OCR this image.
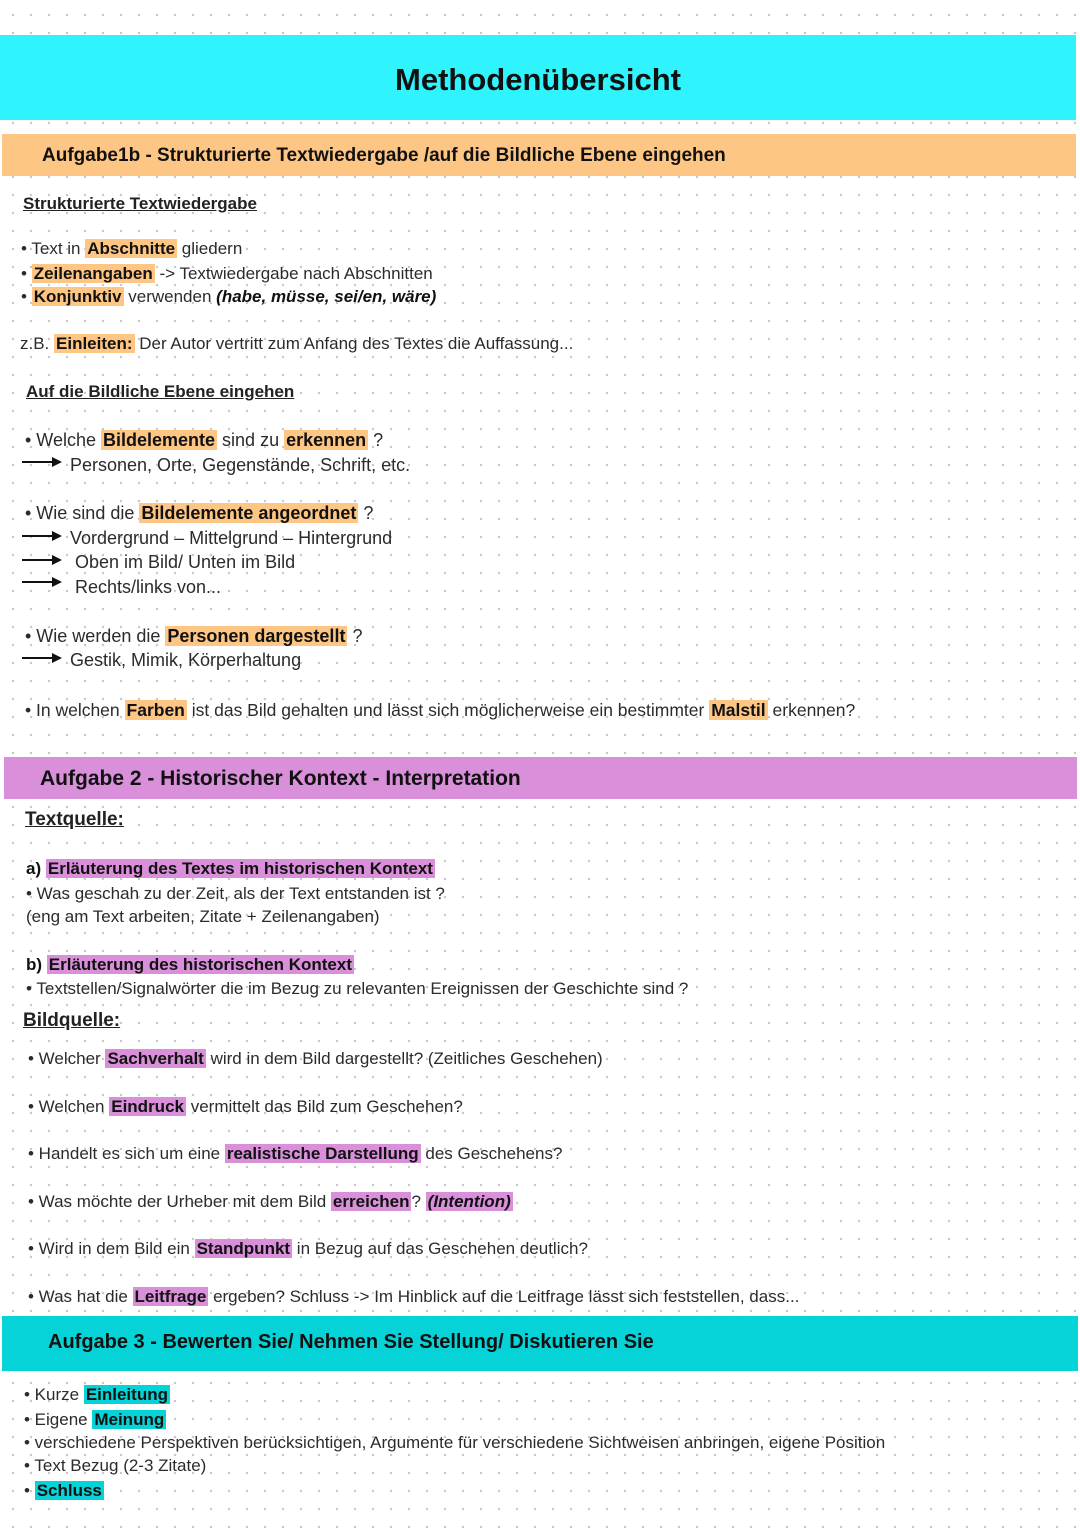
Methodenübersicht
Aufgabe1b - Strukturierte Textwiedergabe /auf die Bildliche Ebene eingehen
Strukturierte Textwiedergabe
• Text in Abschnitte gliedern
• Zeilenangaben -> Textwiedergabe nach Abschnitten
• Konjunktiv verwenden (habe, müsse, sei/en, wäre)
z.B. Einleiten: Der Autor vertritt zum Anfang des Textes die Auffassung...
Auf die Bildliche Ebene eingehen
• Welche Bildelemente sind zu erkennen ?
Personen, Orte, Gegenstände, Schrift, etc.
• Wie sind die Bildelemente angeordnet ?
Vordergrund – Mittelgrund – Hintergrund
Oben im Bild/ Unten im Bild
Rechts/links von...
• Wie werden die Personen dargestellt ?
Gestik, Mimik, Körperhaltung
• In welchen Farben ist das Bild gehalten und lässt sich möglicherweise ein bestimmter Malstil erkennen?
Aufgabe 2 - Historischer Kontext - Interpretation
Textquelle:
a) Erläuterung des Textes im historischen Kontext
• Was geschah zu der Zeit, als der Text entstanden ist ?
(eng am Text arbeiten, Zitate + Zeilenangaben)
b) Erläuterung des historischen Kontext
• Textstellen/Signalwörter die im Bezug zu relevanten Ereignissen der Geschichte sind ?
Bildquelle:
• Welcher Sachverhalt wird in dem Bild dargestellt? (Zeitliches Geschehen)
• Welchen Eindruck vermittelt das Bild zum Geschehen?
• Handelt es sich um eine realistische Darstellung des Geschehens?
• Was möchte der Urheber mit dem Bild erreichen ? (Intention)
• Wird in dem Bild ein Standpunkt in Bezug auf das Geschehen deutlich?
• Was hat die Leitfrage ergeben? Schluss -> Im Hinblick auf die Leitfrage lässt sich feststellen, dass...
Aufgabe 3 - Bewerten Sie/ Nehmen Sie Stellung/ Diskutieren Sie
• Kurze Einleitung
• Eigene Meinung
• verschiedene Perspektiven berücksichtigen, Argumente für verschiedene Sichtweisen anbringen, eigene Position
• Text Bezug (2-3 Zitate)
• Schluss
